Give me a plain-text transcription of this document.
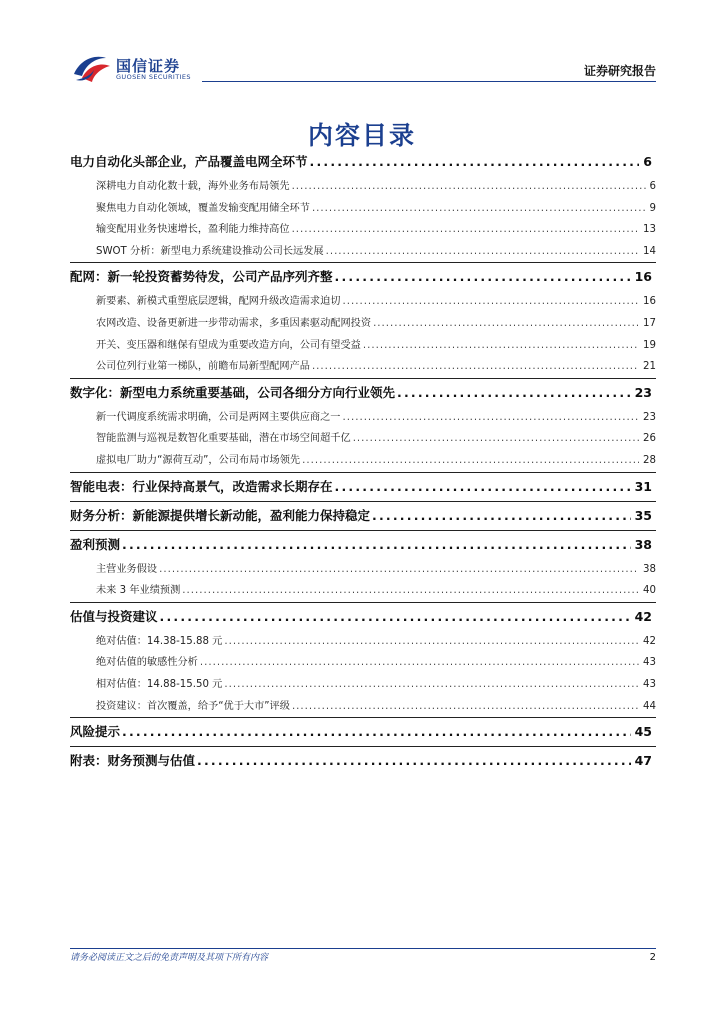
国信证券
GUOSEN SECURITIES	证券研究报告
内容目录
电力自动化头部企业，产品覆盖电网全环节 .....	6
深耕电力自动化数十载，海外业务布局领先 .....	6
聚焦电力自动化领域，覆盖发输变配用储全环节 .....	9
输变配用业务快速增长，盈利能力维持高位 .....	13
SWOT 分析：新型电力系统建设推动公司长远发展 .....	14
配网：新一轮投资蓄势待发，公司产品序列齐整 .....	16
新要素、新模式重塑底层逻辑，配网升级改造需求迫切 .....	16
农网改造、设备更新进一步带动需求，多重因素驱动配网投资 .....	17
开关、变压器和继保有望成为重要改造方向，公司有望受益 .....	19
公司位列行业第一梯队，前瞻布局新型配网产品 .....	21
数字化：新型电力系统重要基础，公司各细分方向行业领先 .....	23
新一代调度系统需求明确，公司是两网主要供应商之一 .....	23
智能监测与巡视是数智化重要基础，潜在市场空间超千亿 .....	26
虚拟电厂助力“源荷互动”，公司布局市场领先 .....	28
智能电表：行业保持高景气，改造需求长期存在 .....	31
财务分析：新能源提供增长新动能，盈利能力保持稳定 .....	35
盈利预测 .....	38
主营业务假设 .....	38
未来 3 年业绩预测 .....	40
估值与投资建议 .....	42
绝对估值：14.38-15.88 元 .....	42
绝对估值的敏感性分析 .....	43
相对估值：14.88-15.50 元 .....	43
投资建议：首次覆盖，给予“优于大市”评级 .....	44
风险提示 .....	45
附表：财务预测与估值 .....	47
请务必阅读正文之后的免责声明及其项下所有内容	2
